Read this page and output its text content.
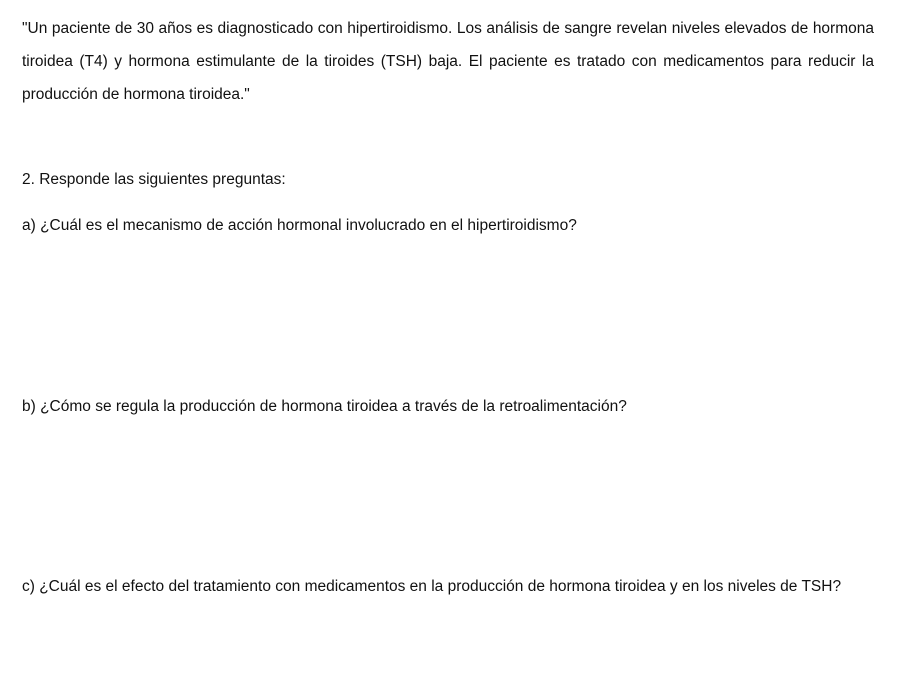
"Un paciente de 30 años es diagnosticado con hipertiroidismo. Los análisis de sangre revelan niveles elevados de hormona tiroidea (T4) y hormona estimulante de la tiroides (TSH) baja. El paciente es tratado con medicamentos para reducir la producción de hormona tiroidea."

2. Responde las siguientes preguntas:

a) ¿Cuál es el mecanismo de acción hormonal involucrado en el hipertiroidismo?

b) ¿Cómo se regula la producción de hormona tiroidea a través de la retroalimentación?

c) ¿Cuál es el efecto del tratamiento con medicamentos en la producción de hormona tiroidea y en los niveles de TSH?
